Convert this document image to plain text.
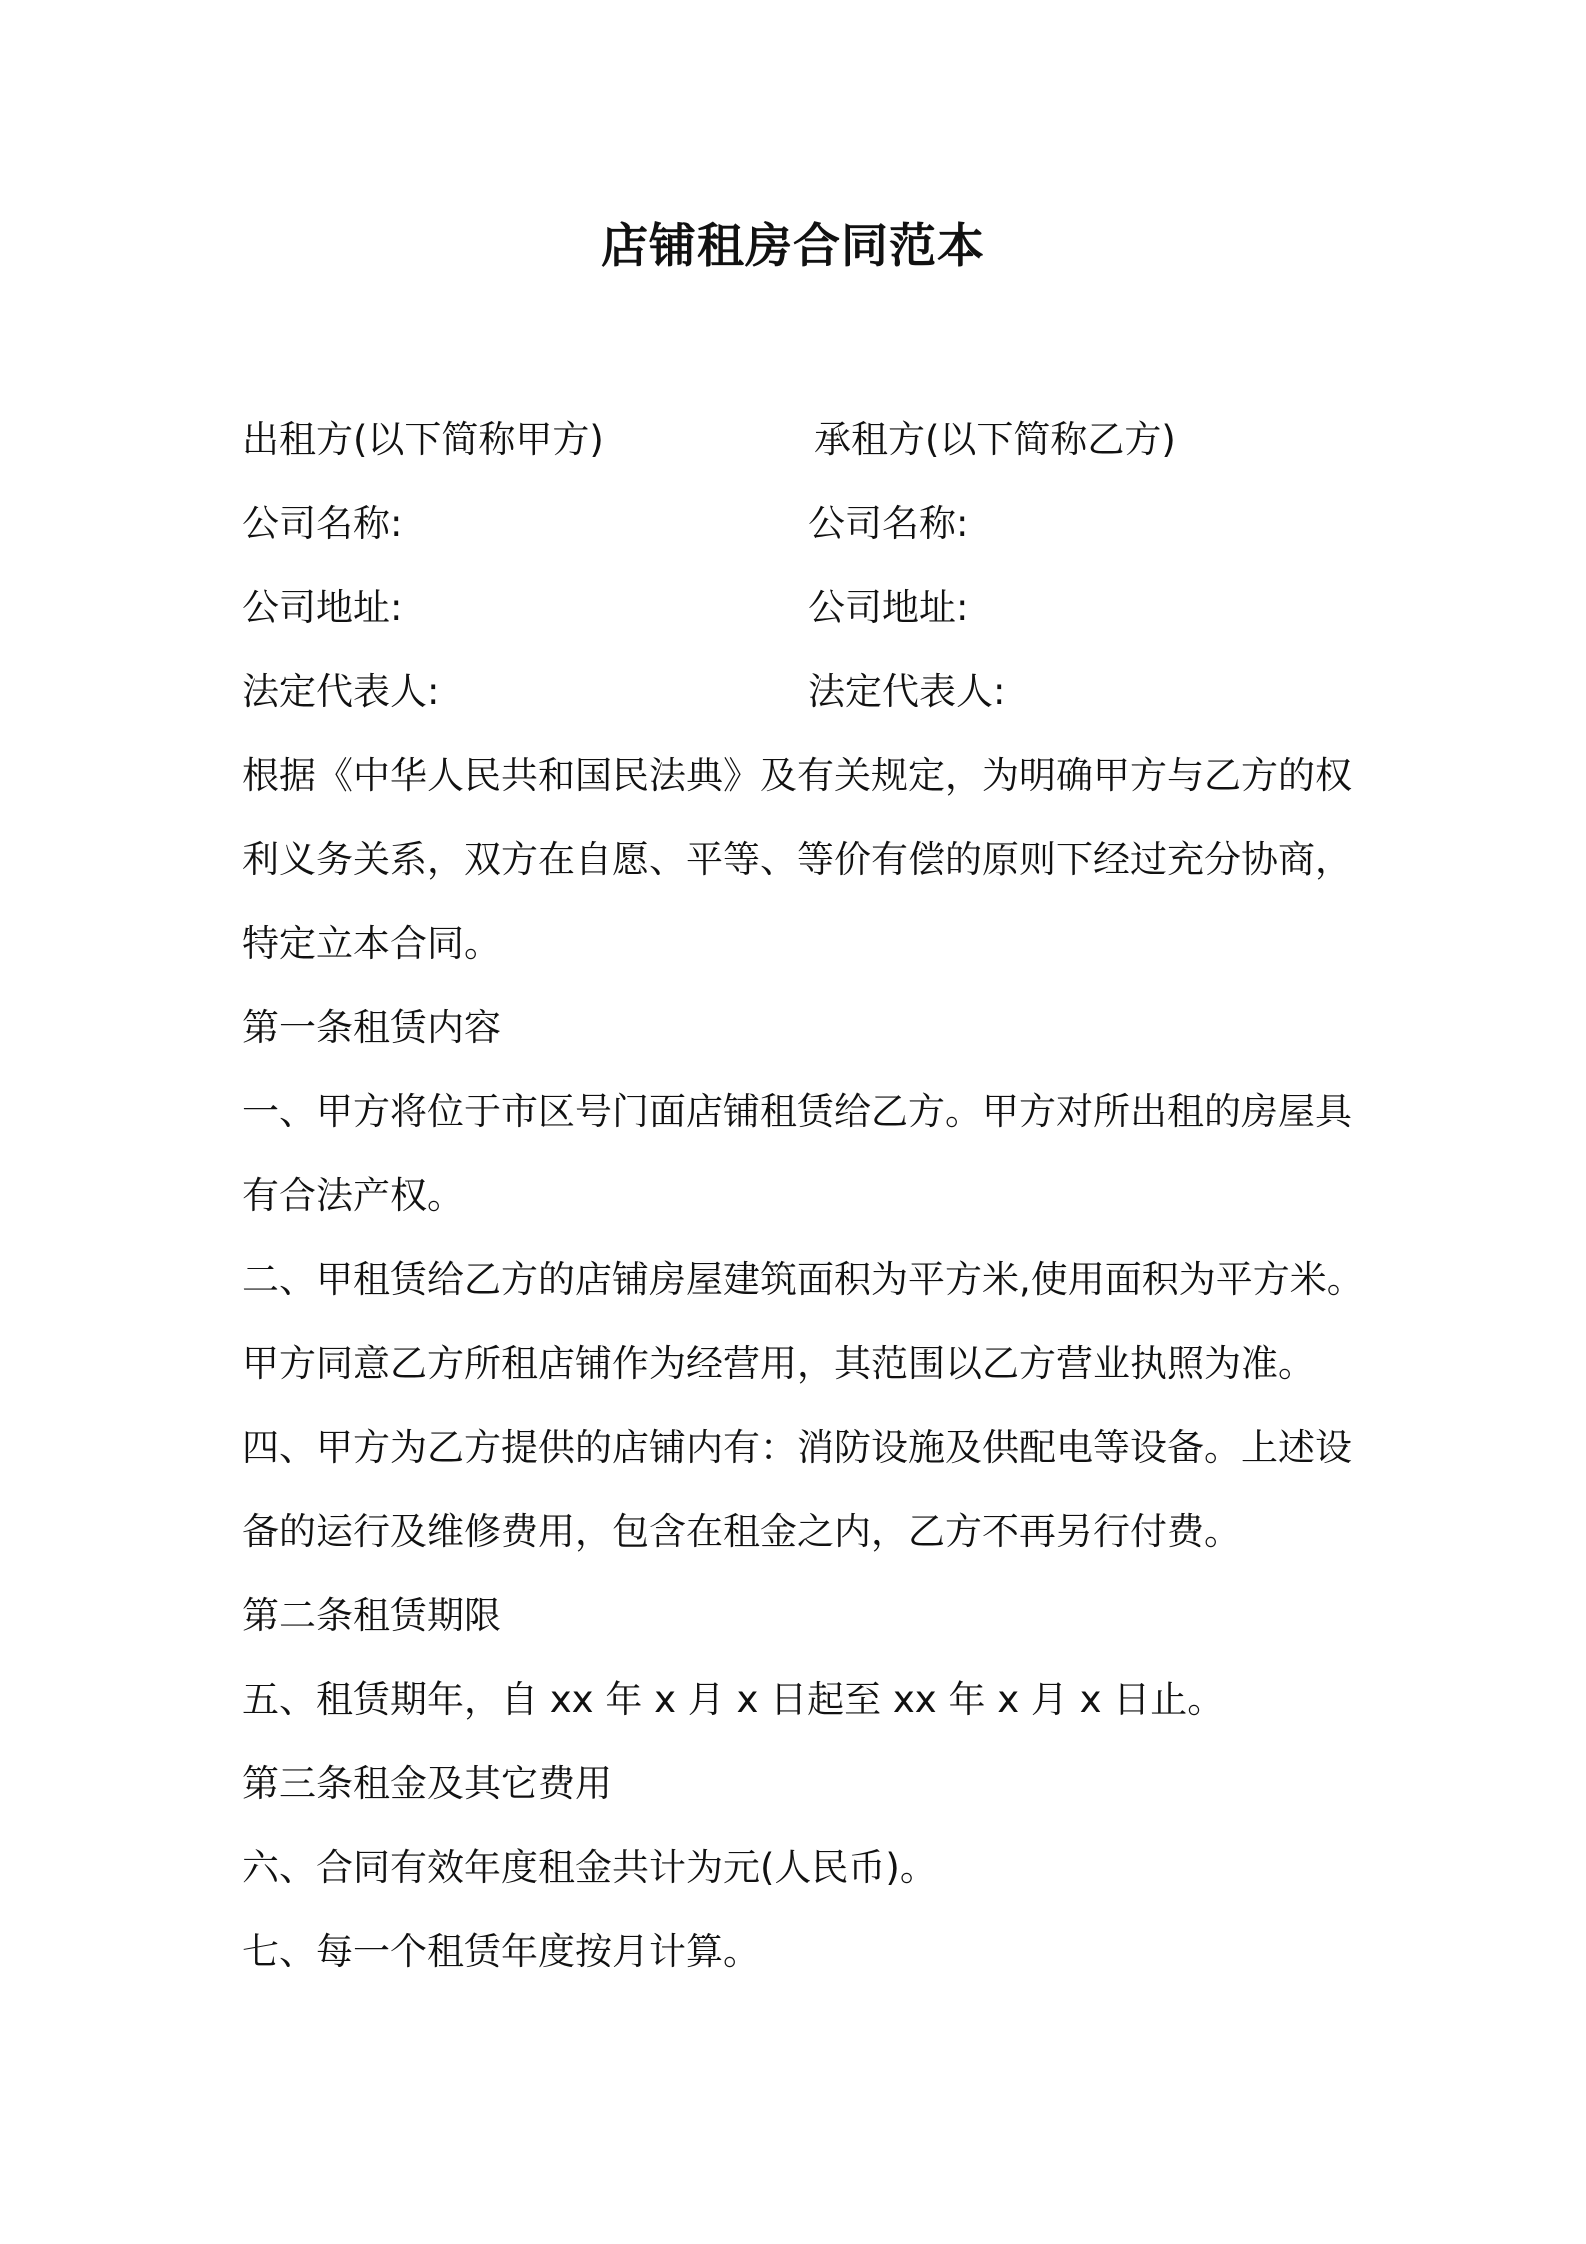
店铺租房合同范本
出租方(以下简称甲方)	承租方(以下简称乙方)
公司名称:	公司名称:
公司地址:	公司地址:
法定代表人:	法定代表人:

根据《中华人民共和国民法典》及有关规定，为明确甲方与乙方的权

利义务关系，双方在自愿、平等、等价有偿的原则下经过充分协商，

特定立本合同。

第一条租赁内容

一、甲方将位于市区号门面店铺租赁给乙方。甲方对所出租的房屋具

有合法产权。

二、甲租赁给乙方的店铺房屋建筑面积为平方米,使用面积为平方米。

甲方同意乙方所租店铺作为经营用，其范围以乙方营业执照为准。

四、甲方为乙方提供的店铺内有：消防设施及供配电等设备。上述设

备的运行及维修费用，包含在租金之内，乙方不再另行付费。

第二条租赁期限

五、租赁期年，自 xx 年 x 月 x 日起至 xx 年 x 月 x 日止。

第三条租金及其它费用

六、合同有效年度租金共计为元(人民币)。

七、每一个租赁年度按月计算。
